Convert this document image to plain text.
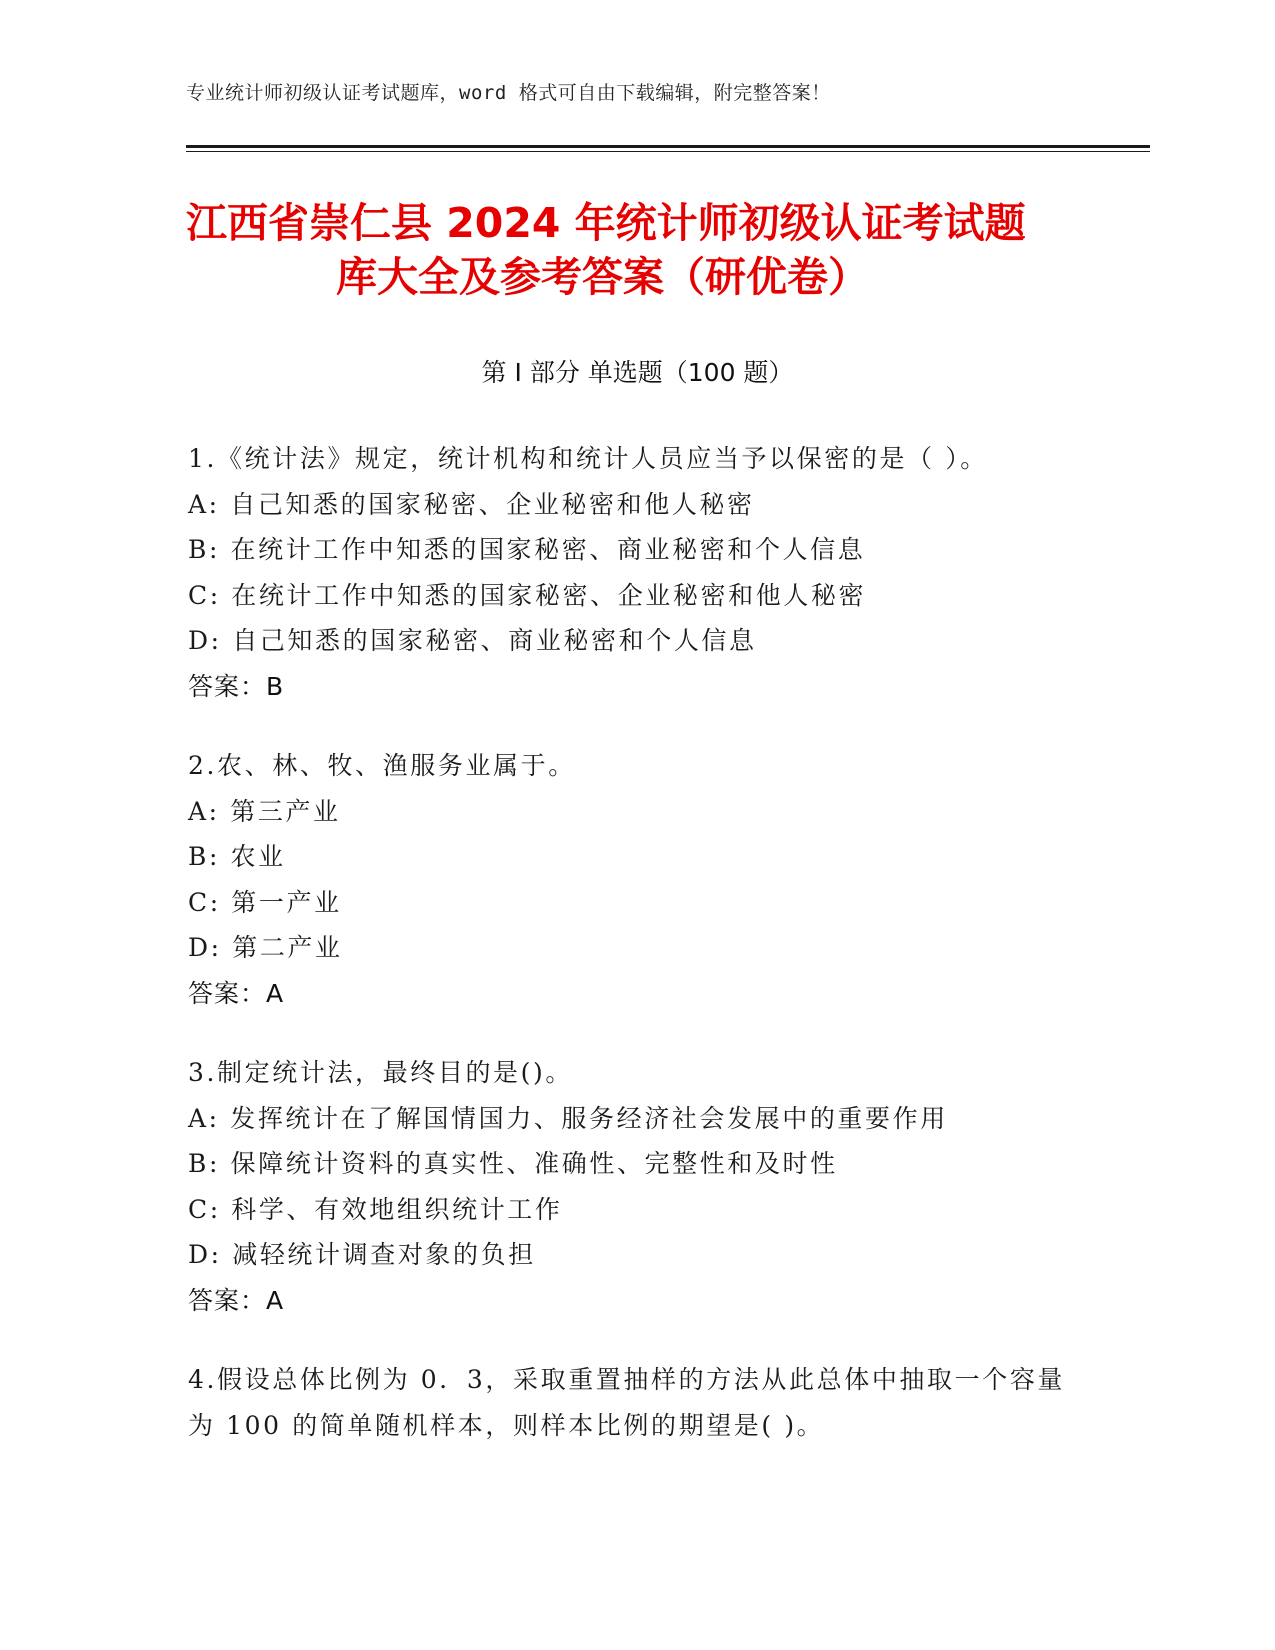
专业统计师初级认证考试题库，word 格式可自由下载编辑，附完整答案！
江西省崇仁县 2024 年统计师初级认证考试题
库大全及参考答案（研优卷）
第 I 部分 单选题（100 题）
1.《统计法》规定，统计机构和统计人员应当予以保密的是（ ）。
A: 自己知悉的国家秘密、企业秘密和他人秘密
B: 在统计工作中知悉的国家秘密、商业秘密和个人信息
C: 在统计工作中知悉的国家秘密、企业秘密和他人秘密
D: 自己知悉的国家秘密、商业秘密和个人信息
答案：B
2.农、林、牧、渔服务业属于。
A: 第三产业
B: 农业
C: 第一产业
D: 第二产业
答案：A
3.制定统计法，最终目的是()。
A: 发挥统计在了解国情国力、服务经济社会发展中的重要作用
B: 保障统计资料的真实性、准确性、完整性和及时性
C: 科学、有效地组织统计工作
D: 减轻统计调查对象的负担
答案：A
4.假设总体比例为 0．3，采取重置抽样的方法从此总体中抽取一个容量为 100 的简单随机样本，则样本比例的期望是( )。
